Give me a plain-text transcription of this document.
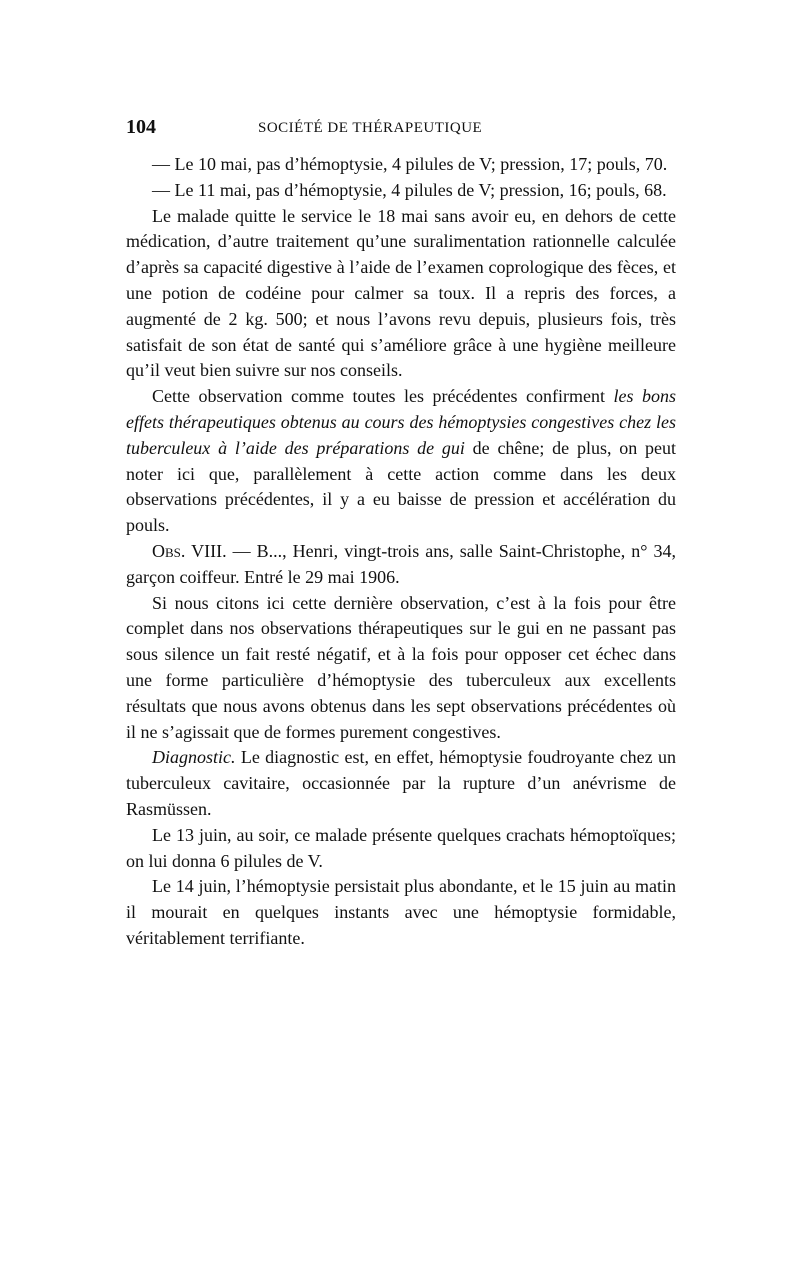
104	SOCIÉTÉ DE THÉRAPEUTIQUE

— Le 10 mai, pas d’hémoptysie, 4 pilules de V; pression, 17; pouls, 70.

— Le 11 mai, pas d’hémoptysie, 4 pilules de V; pression, 16; pouls, 68.

Le malade quitte le service le 18 mai sans avoir eu, en dehors de cette médication, d’autre traitement qu’une suralimentation rationnelle calculée d’après sa capacité digestive à l’aide de l’examen coprologique des fèces, et une potion de codéine pour calmer sa toux. Il a repris des forces, a augmenté de 2 kg. 500; et nous l’avons revu depuis, plusieurs fois, très satisfait de son état de santé qui s’améliore grâce à une hygiène meilleure qu’il veut bien suivre sur nos conseils.

Cette observation comme toutes les précédentes confirment les bons effets thérapeutiques obtenus au cours des hémoptysies congestives chez les tuberculeux à l’aide des préparations de gui de chêne; de plus, on peut noter ici que, parallèlement à cette action comme dans les deux observations précédentes, il y a eu baisse de pression et accélération du pouls.

Obs. VIII. — B..., Henri, vingt-trois ans, salle Saint-Christophe, n° 34, garçon coiffeur. Entré le 29 mai 1906.

Si nous citons ici cette dernière observation, c’est à la fois pour être complet dans nos observations thérapeutiques sur le gui en ne passant pas sous silence un fait resté négatif, et à la fois pour opposer cet échec dans une forme particulière d’hémoptysie des tuberculeux aux excellents résultats que nous avons obtenus dans les sept observations précédentes où il ne s’agissait que de formes purement congestives.

Diagnostic. Le diagnostic est, en effet, hémoptysie foudroyante chez un tuberculeux cavitaire, occasionnée par la rupture d’un anévrisme de Rasmüssen.

Le 13 juin, au soir, ce malade présente quelques crachats hémoptoïques; on lui donna 6 pilules de V.

Le 14 juin, l’hémoptysie persistait plus abondante, et le 15 juin au matin il mourait en quelques instants avec une hémoptysie formidable, véritablement terrifiante.
